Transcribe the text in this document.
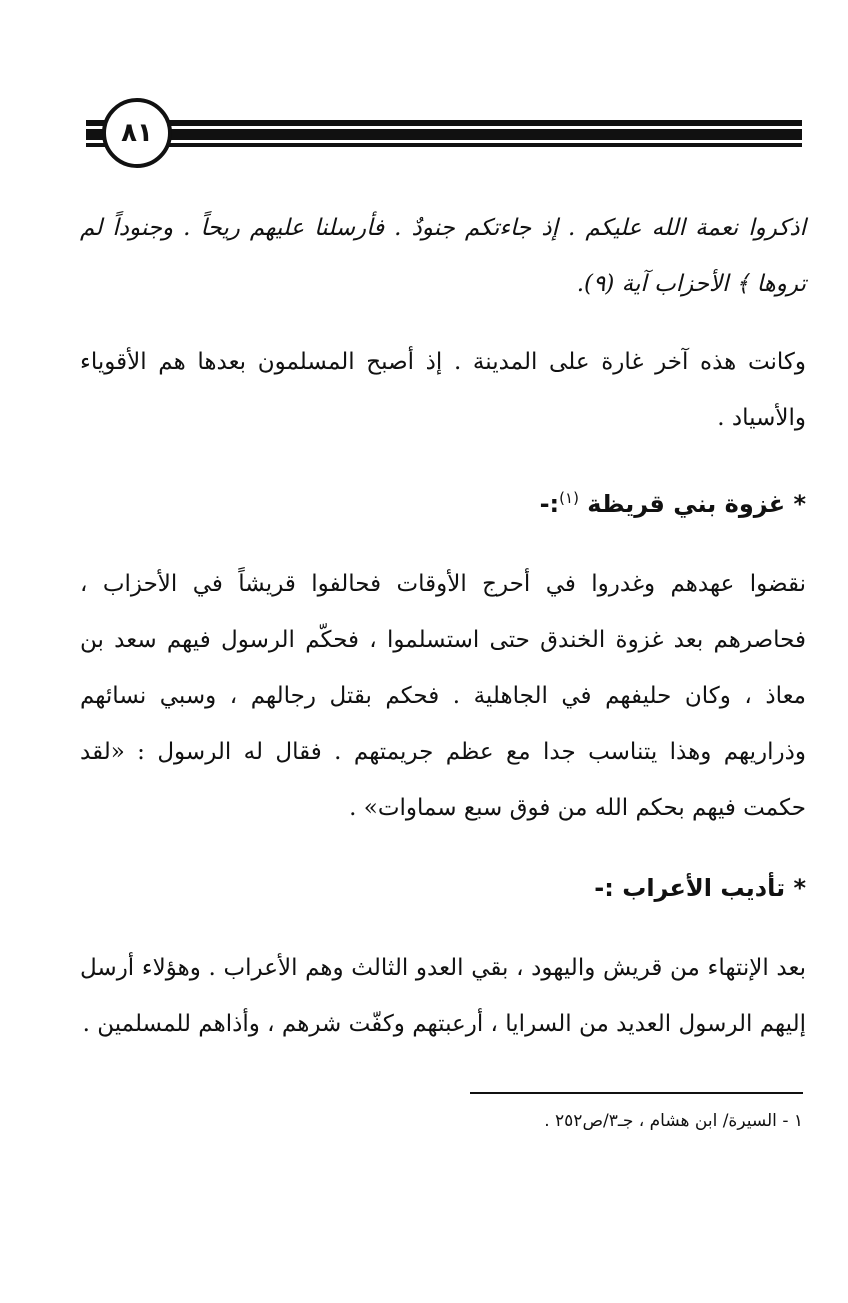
٨١

اذكروا نعمة الله عليكم . إذ جاءتكم جنودٌ . فأرسلنا عليهم ريحاً . وجنوداً لم تروها ﴾ الأحزاب آية (٩).

وكانت هذه آخر غارة على المدينة . إذ أصبح المسلمون بعدها هم الأقوياء والأسياد .

* غزوة بني قريظة $^{(١)}$:-

نقضوا عهدهم وغدروا في أحرج الأوقات فحالفوا قريشاً في الأحزاب ، فحاصرهم بعد غزوة الخندق حتى استسلموا ، فحكّم الرسول فيهم سعد بن معاذ ، وكان حليفهم في الجاهلية . فحكم بقتل رجالهم ، وسبي نسائهم وذراريهم وهذا يتناسب جدا مع عظم جريمتهم . فقال له الرسول : «لقد حكمت فيهم بحكم الله من فوق سبع سماوات» .

* تأديب الأعراب :-

بعد الإنتهاء من قريش واليهود ، بقي العدو الثالث وهم الأعراب . وهؤلاء أرسل إليهم الرسول العديد من السرايا ، أرعبتهم وكفّت شرهم ، وأذاهم للمسلمين .

١ - السيرة/ ابن هشام ، جـ٣/ص٢٥٢ .
